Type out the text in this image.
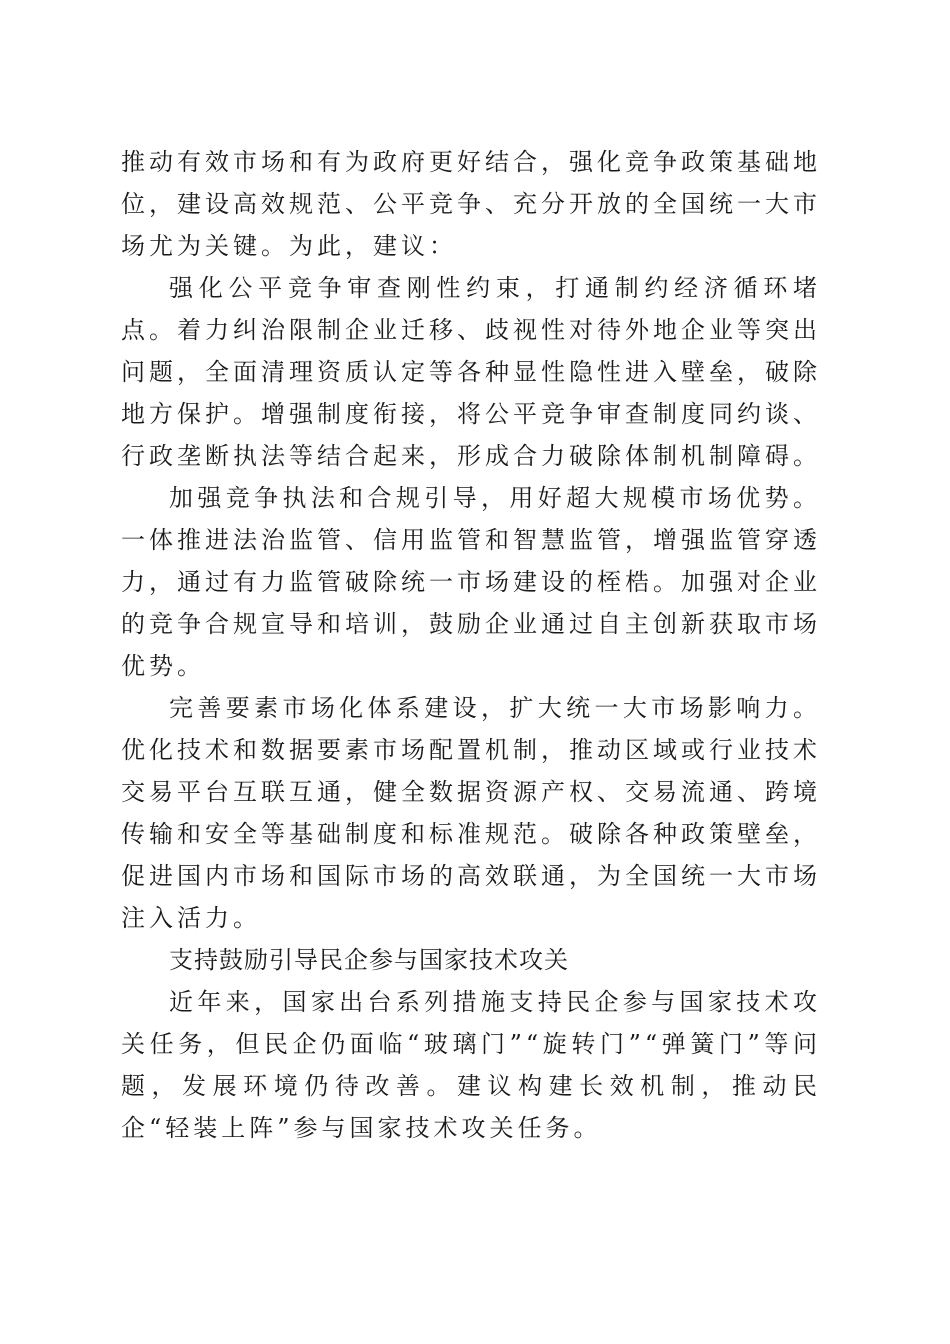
推动有效市场和有为政府更好结合，强化竞争政策基础地位，建设高效规范、公平竞争、充分开放的全国统一大市场尤为关键。为此，建议：

强化公平竞争审查刚性约束，打通制约经济循环堵点。着力纠治限制企业迁移、歧视性对待外地企业等突出问题，全面清理资质认定等各种显性隐性进入壁垒，破除地方保护。增强制度衔接，将公平竞争审查制度同约谈、行政垄断执法等结合起来，形成合力破除体制机制障碍。

加强竞争执法和合规引导，用好超大规模市场优势。一体推进法治监管、信用监管和智慧监管，增强监管穿透力，通过有力监管破除统一市场建设的桎梏。加强对企业的竞争合规宣导和培训，鼓励企业通过自主创新获取市场优势。

完善要素市场化体系建设，扩大统一大市场影响力。优化技术和数据要素市场配置机制，推动区域或行业技术交易平台互联互通，健全数据资源产权、交易流通、跨境传输和安全等基础制度和标准规范。破除各种政策壁垒，促进国内市场和国际市场的高效联通，为全国统一大市场注入活力。

支持鼓励引导民企参与国家技术攻关

近年来，国家出台系列措施支持民企参与国家技术攻关任务，但民企仍面临“玻璃门”“旋转门”“弹簧门”等问题，发展环境仍待改善。建议构建长效机制，推动民企“轻装上阵”参与国家技术攻关任务。
